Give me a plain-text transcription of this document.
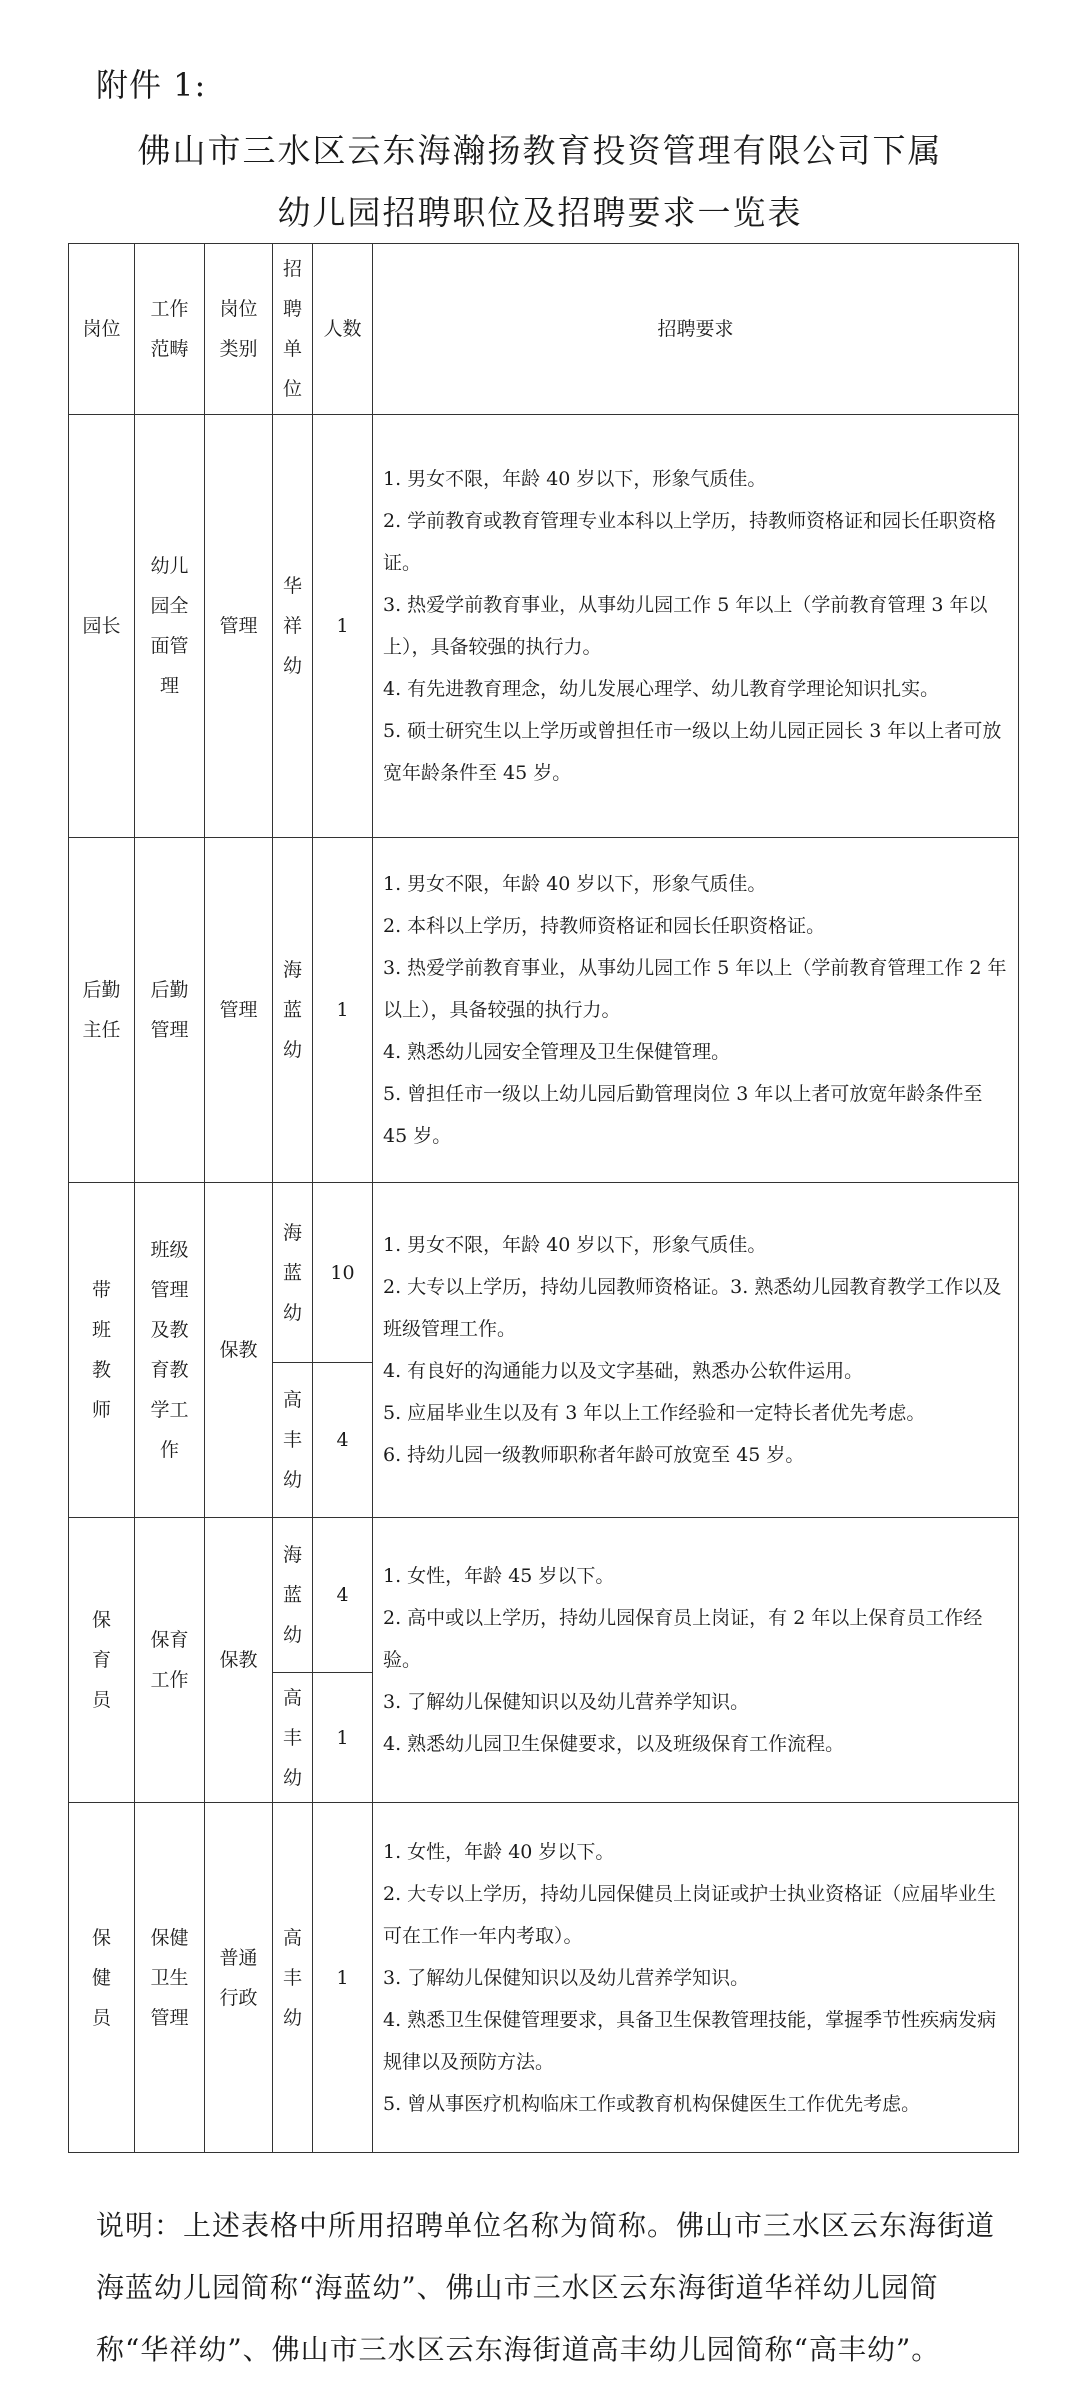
附件 1:
佛山市三水区云东海瀚扬教育投资管理有限公司下属
幼儿园招聘职位及招聘要求一览表
岗位	工作范畴	岗位类别	招聘单位	人数	招聘要求
园长	幼儿园全面管理	管理	华祥幼	1	1. 男女不限，年龄 40 岁以下，形象气质佳。
2. 学前教育或教育管理专业本科以上学历，持教师资格证和园长任职资格证。
3. 热爱学前教育事业，从事幼儿园工作 5 年以上（学前教育管理 3 年以上），具备较强的执行力。
4. 有先进教育理念，幼儿发展心理学、幼儿教育学理论知识扎实。
5. 硕士研究生以上学历或曾担任市一级以上幼儿园正园长 3 年以上者可放宽年龄条件至 45 岁。

后勤主任	后勤管理	管理	海蓝幼	1	1. 男女不限，年龄 40 岁以下，形象气质佳。
2. 本科以上学历，持教师资格证和园长任职资格证。
3. 热爱学前教育事业，从事幼儿园工作 5 年以上（学前教育管理工作 2 年以上），具备较强的执行力。
4. 熟悉幼儿园安全管理及卫生保健管理。
5. 曾担任市一级以上幼儿园后勤管理岗位 3 年以上者可放宽年龄条件至 45 岁。

带班教师	班级管理及教育教学工作	保教	海蓝幼	10	1. 男女不限，年龄 40 岁以下，形象气质佳。
2. 大专以上学历，持幼儿园教师资格证。3. 熟悉幼儿园教育教学工作以及班级管理工作。
4. 有良好的沟通能力以及文字基础，熟悉办公软件运用。
5. 应届毕业生以及有 3 年以上工作经验和一定特长者优先考虑。
6. 持幼儿园一级教师职称者年龄可放宽至 45 岁。

			高丰幼	4	
保育员	保育工作	保教	海蓝幼	4	1. 女性，年龄 45 岁以下。
2. 高中或以上学历，持幼儿园保育员上岗证，有 2 年以上保育员工作经验。
3. 了解幼儿保健知识以及幼儿营养学知识。
4. 熟悉幼儿园卫生保健要求，以及班级保育工作流程。

			高丰幼	1	
保健员	保健卫生管理	普通行政	高丰幼	1	1. 女性，年龄 40 岁以下。
2. 大专以上学历，持幼儿园保健员上岗证或护士执业资格证（应届毕业生可在工作一年内考取）。
3. 了解幼儿保健知识以及幼儿营养学知识。
4. 熟悉卫生保健管理要求，具备卫生保教管理技能，掌握季节性疾病发病规律以及预防方法。
5. 曾从事医疗机构临床工作或教育机构保健医生工作优先考虑。
说明：上述表格中所用招聘单位名称为简称。佛山市三水区云东海街道海蓝幼儿园简称“海蓝幼”、佛山市三水区云东海街道华祥幼儿园简称“华祥幼”、佛山市三水区云东海街道高丰幼儿园简称“高丰幼”。
